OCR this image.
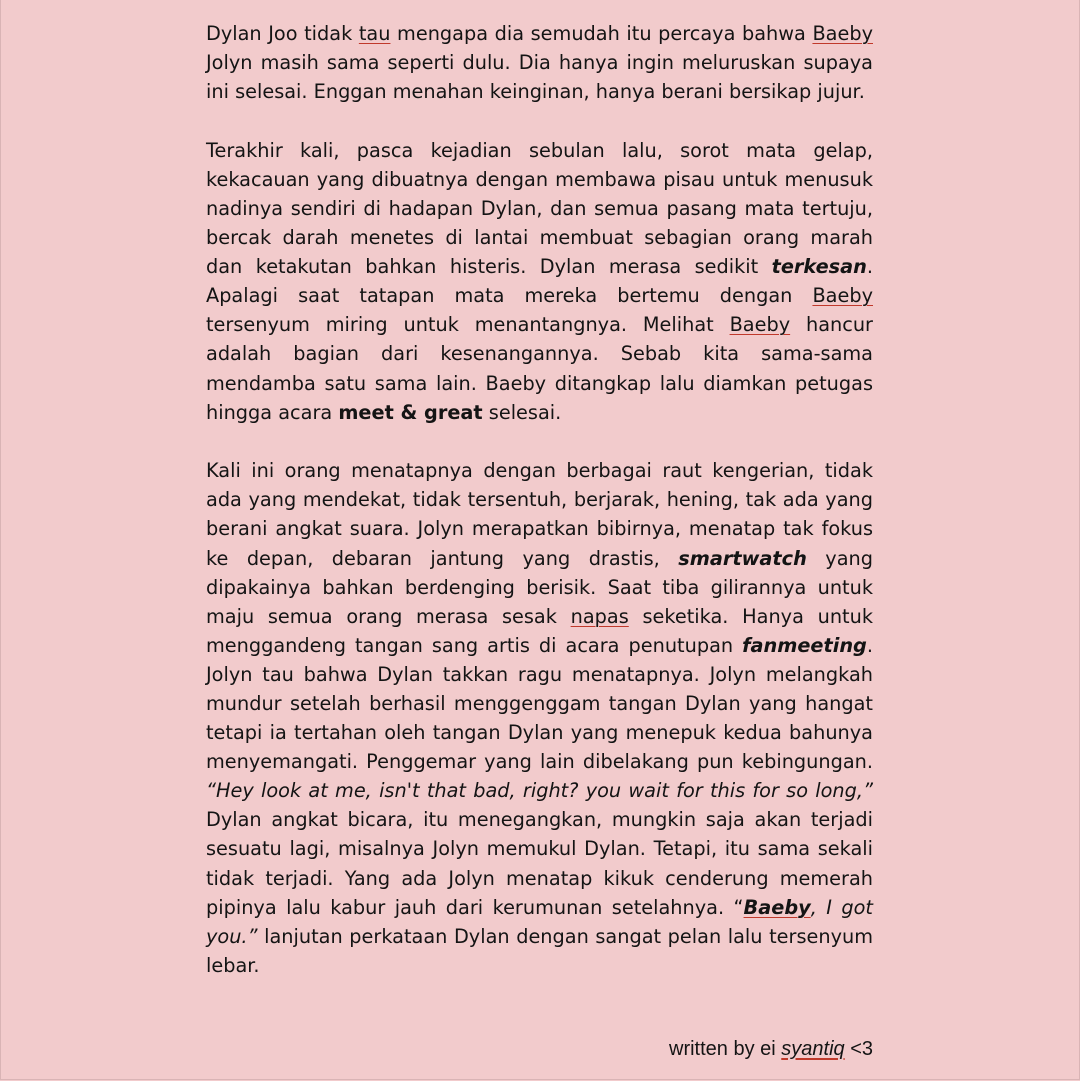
Dylan Joo tidak tau mengapa dia semudah itu percaya bahwa Baeby Jolyn masih sama seperti dulu. Dia hanya ingin meluruskan supaya ini selesai. Enggan menahan keinginan, hanya berani bersikap jujur.

Terakhir kali, pasca kejadian sebulan lalu, sorot mata gelap, kekacauan yang dibuatnya dengan membawa pisau untuk menusuk nadinya sendiri di hadapan Dylan, dan semua pasang mata tertuju, bercak darah menetes di lantai membuat sebagian orang marah dan ketakutan bahkan histeris. Dylan merasa sedikit terkesan. Apalagi saat tatapan mata mereka bertemu dengan Baeby tersenyum miring untuk menantangnya. Melihat Baeby hancur adalah bagian dari kesenangannya. Sebab kita sama-sama mendamba satu sama lain. Baeby ditangkap lalu diamkan petugas hingga acara meet & great selesai.

Kali ini orang menatapnya dengan berbagai raut kengerian, tidak ada yang mendekat, tidak tersentuh, berjarak, hening, tak ada yang berani angkat suara. Jolyn merapatkan bibirnya, menatap tak fokus ke depan, debaran jantung yang drastis, smartwatch yang dipakainya bahkan berdenging berisik. Saat tiba gilirannya untuk maju semua orang merasa sesak napas seketika. Hanya untuk menggandeng tangan sang artis di acara penutupan fanmeeting. Jolyn tau bahwa Dylan takkan ragu menatapnya. Jolyn melangkah mundur setelah berhasil menggenggam tangan Dylan yang hangat tetapi ia tertahan oleh tangan Dylan yang menepuk kedua bahunya menyemangati. Penggemar yang lain dibelakang pun kebingungan. “Hey look at me, isn't that bad, right? you wait for this for so long,” Dylan angkat bicara, itu menegangkan, mungkin saja akan terjadi sesuatu lagi, misalnya Jolyn memukul Dylan. Tetapi, itu sama sekali tidak terjadi. Yang ada Jolyn menatap kikuk cenderung memerah pipinya lalu kabur jauh dari kerumunan setelahnya. “Baeby, I got you.” lanjutan perkataan Dylan dengan sangat pelan lalu tersenyum lebar.

written by ei syantiq <3
